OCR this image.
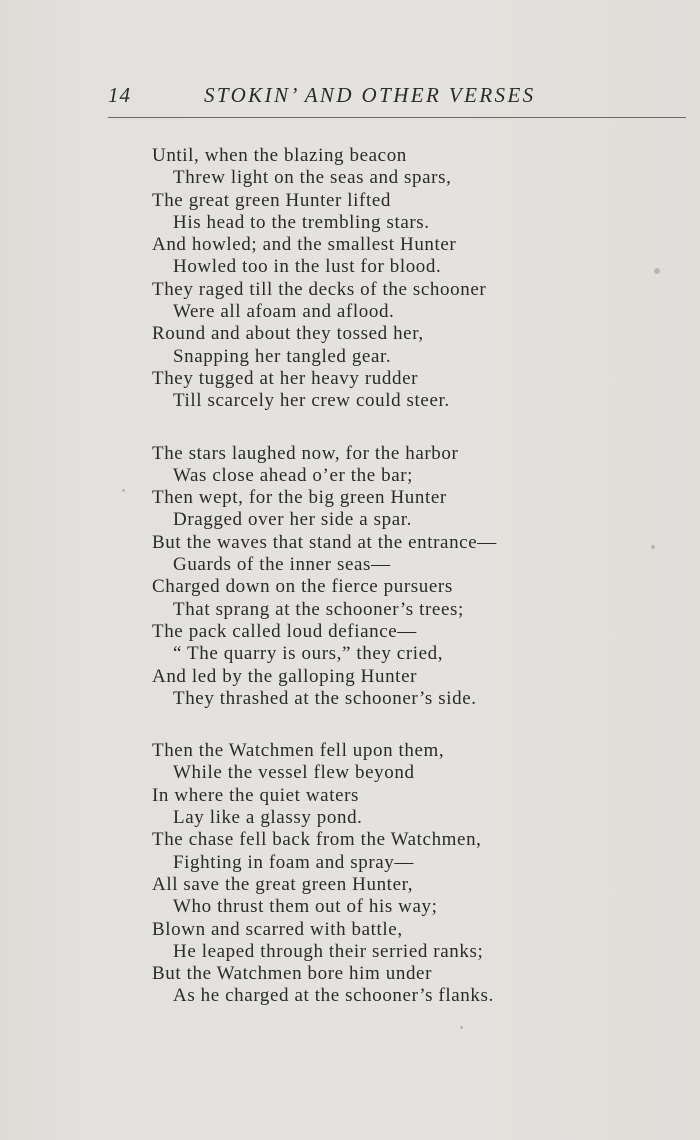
14	STOKIN’ AND OTHER VERSES
Until, when the blazing beacon
Threw light on the seas and spars,
The great green Hunter lifted
His head to the trembling stars.
And howled; and the smallest Hunter
Howled too in the lust for blood.
They raged till the decks of the schooner
Were all afoam and aflood.
Round and about they tossed her,
Snapping her tangled gear.
They tugged at her heavy rudder
Till scarcely her crew could steer.
The stars laughed now, for the harbor
Was close ahead o’er the bar;
Then wept, for the big green Hunter
Dragged over her side a spar.
But the waves that stand at the entrance—
Guards of the inner seas—
Charged down on the fierce pursuers
That sprang at the schooner’s trees;
The pack called loud defiance—
“ The quarry is ours,” they cried,
And led by the galloping Hunter
They thrashed at the schooner’s side.
Then the Watchmen fell upon them,
While the vessel flew beyond
In where the quiet waters
Lay like a glassy pond.
The chase fell back from the Watchmen,
Fighting in foam and spray—
All save the great green Hunter,
Who thrust them out of his way;
Blown and scarred with battle,
He leaped through their serried ranks;
But the Watchmen bore him under
As he charged at the schooner’s flanks.
